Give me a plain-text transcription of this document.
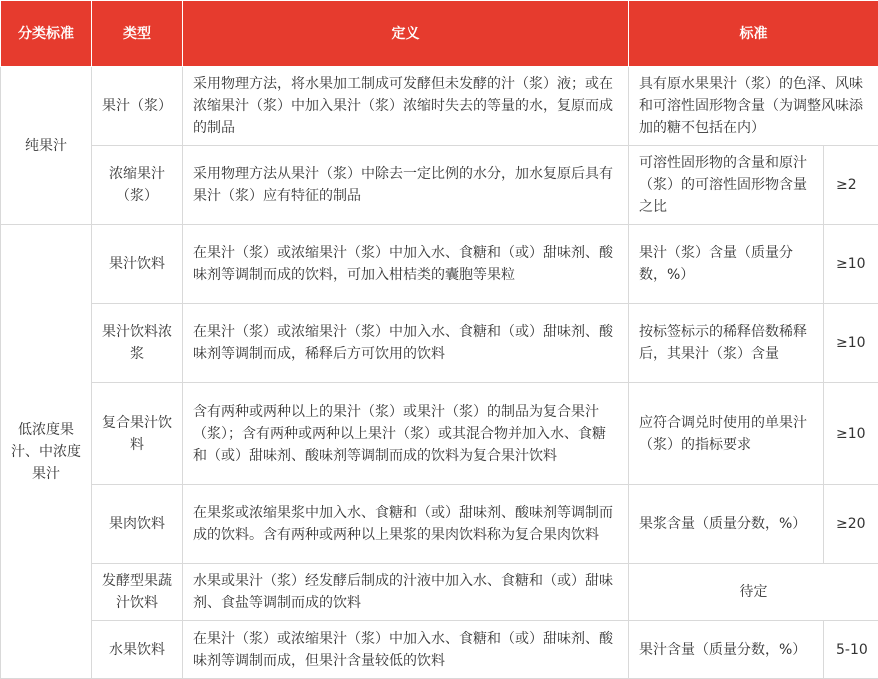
分类标准	类型	定义	标准	
纯果汁	果汁（浆）	采用物理方法，将水果加工制成可发酵但未发酵的汁（浆）液；或在浓缩果汁（浆）中加入果汁（浆）浓缩时失去的等量的水，复原而成的制品	具有原水果果汁（浆）的色泽、风味和可溶性固形物含量（为调整风味添加的糖不包括在内）	
	浓缩果汁（浆）	采用物理方法从果汁（浆）中除去一定比例的水分，加水复原后具有果汁（浆）应有特征的制品	可溶性固形物的含量和原汁（浆）的可溶性固形物含量之比	≥2
低浓度果汁、中浓度果汁	果汁饮料	在果汁（浆）或浓缩果汁（浆）中加入水、食糖和（或）甜味剂、酸味剂等调制而成的饮料，可加入柑桔类的囊胞等果粒	果汁（浆）含量（质量分数，%）	≥10
	果汁饮料浓浆	在果汁（浆）或浓缩果汁（浆）中加入水、食糖和（或）甜味剂、酸味剂等调制而成，稀释后方可饮用的饮料	按标签标示的稀释倍数稀释后，其果汁（浆）含量	≥10
	复合果汁饮料	含有两种或两种以上的果汁（浆）或果汁（浆）的制品为复合果汁（浆）；含有两种或两种以上果汁（浆）或其混合物并加入水、食糖和（或）甜味剂、酸味剂等调制而成的饮料为复合果汁饮料	应符合调兑时使用的单果汁（浆）的指标要求	≥10
	果肉饮料	在果浆或浓缩果浆中加入水、食糖和（或）甜味剂、酸味剂等调制而成的饮料。含有两种或两种以上果浆的果肉饮料称为复合果肉饮料	果浆含量（质量分数，%）	≥20
	发酵型果蔬汁饮料	水果或果汁（浆）经发酵后制成的汁液中加入水、食糖和（或）甜味剂、食盐等调制而成的饮料	待定	
	水果饮料	在果汁（浆）或浓缩果汁（浆）中加入水、食糖和（或）甜味剂、酸味剂等调制而成，但果汁含量较低的饮料	果汁含量（质量分数，%）	5-10
